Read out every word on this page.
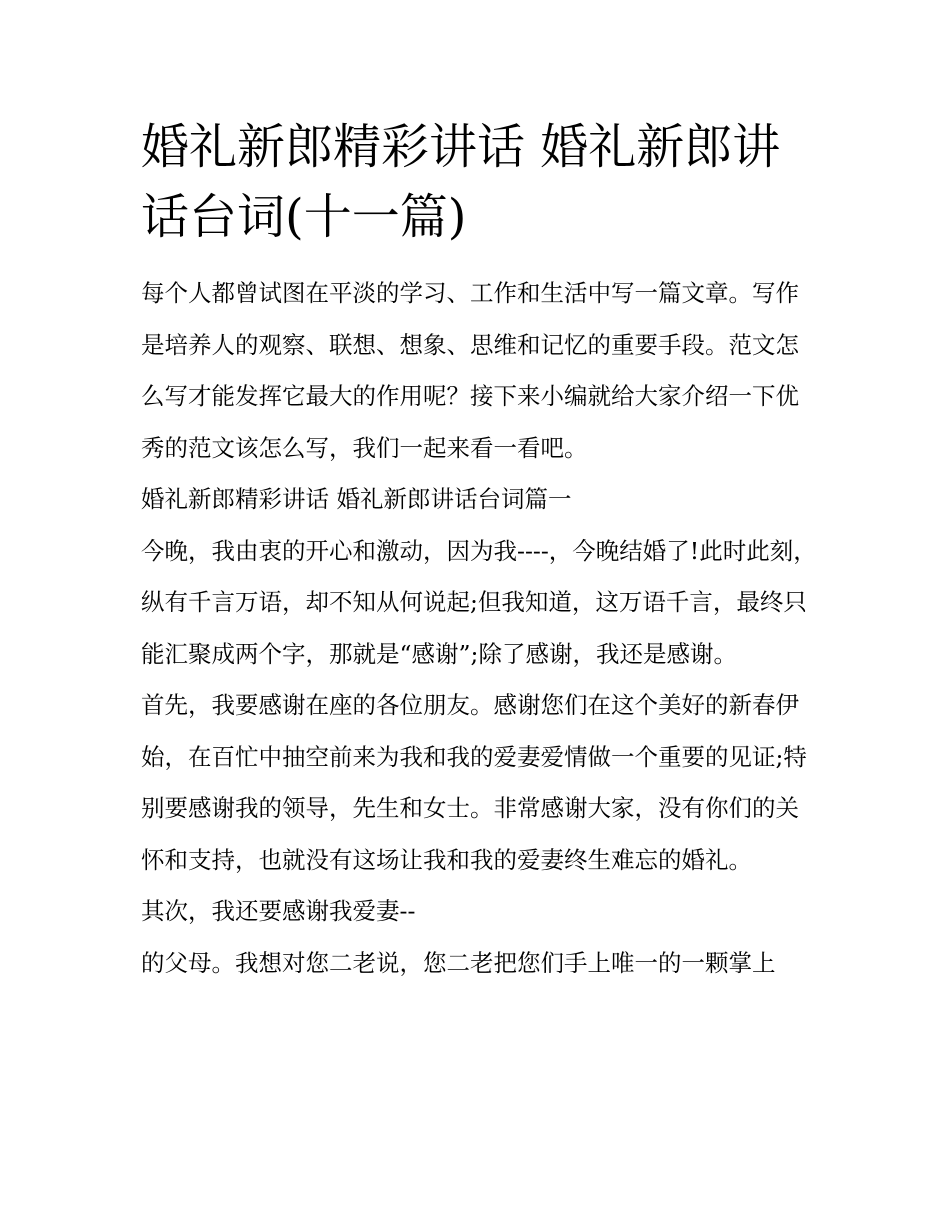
婚礼新郎精彩讲话 婚礼新郎讲话台词(十一篇)

每个人都曾试图在平淡的学习、工作和生活中写一篇文章。写作是培养人的观察、联想、想象、思维和记忆的重要手段。范文怎么写才能发挥它最大的作用呢？接下来小编就给大家介绍一下优秀的范文该怎么写，我们一起来看一看吧。

婚礼新郎精彩讲话 婚礼新郎讲话台词篇一

今晚，我由衷的开心和激动，因为我----，今晚结婚了!此时此刻，纵有千言万语，却不知从何说起;但我知道，这万语千言，最终只能汇聚成两个字，那就是“感谢”;除了感谢，我还是感谢。

首先，我要感谢在座的各位朋友。感谢您们在这个美好的新春伊始，在百忙中抽空前来为我和我的爱妻爱情做一个重要的见证;特别要感谢我的领导，先生和女士。非常感谢大家，没有你们的关怀和支持，也就没有这场让我和我的爱妻终生难忘的婚礼。

其次，我还要感谢我爱妻--

的父母。我想对您二老说，您二老把您们手上唯一的一颗掌上
